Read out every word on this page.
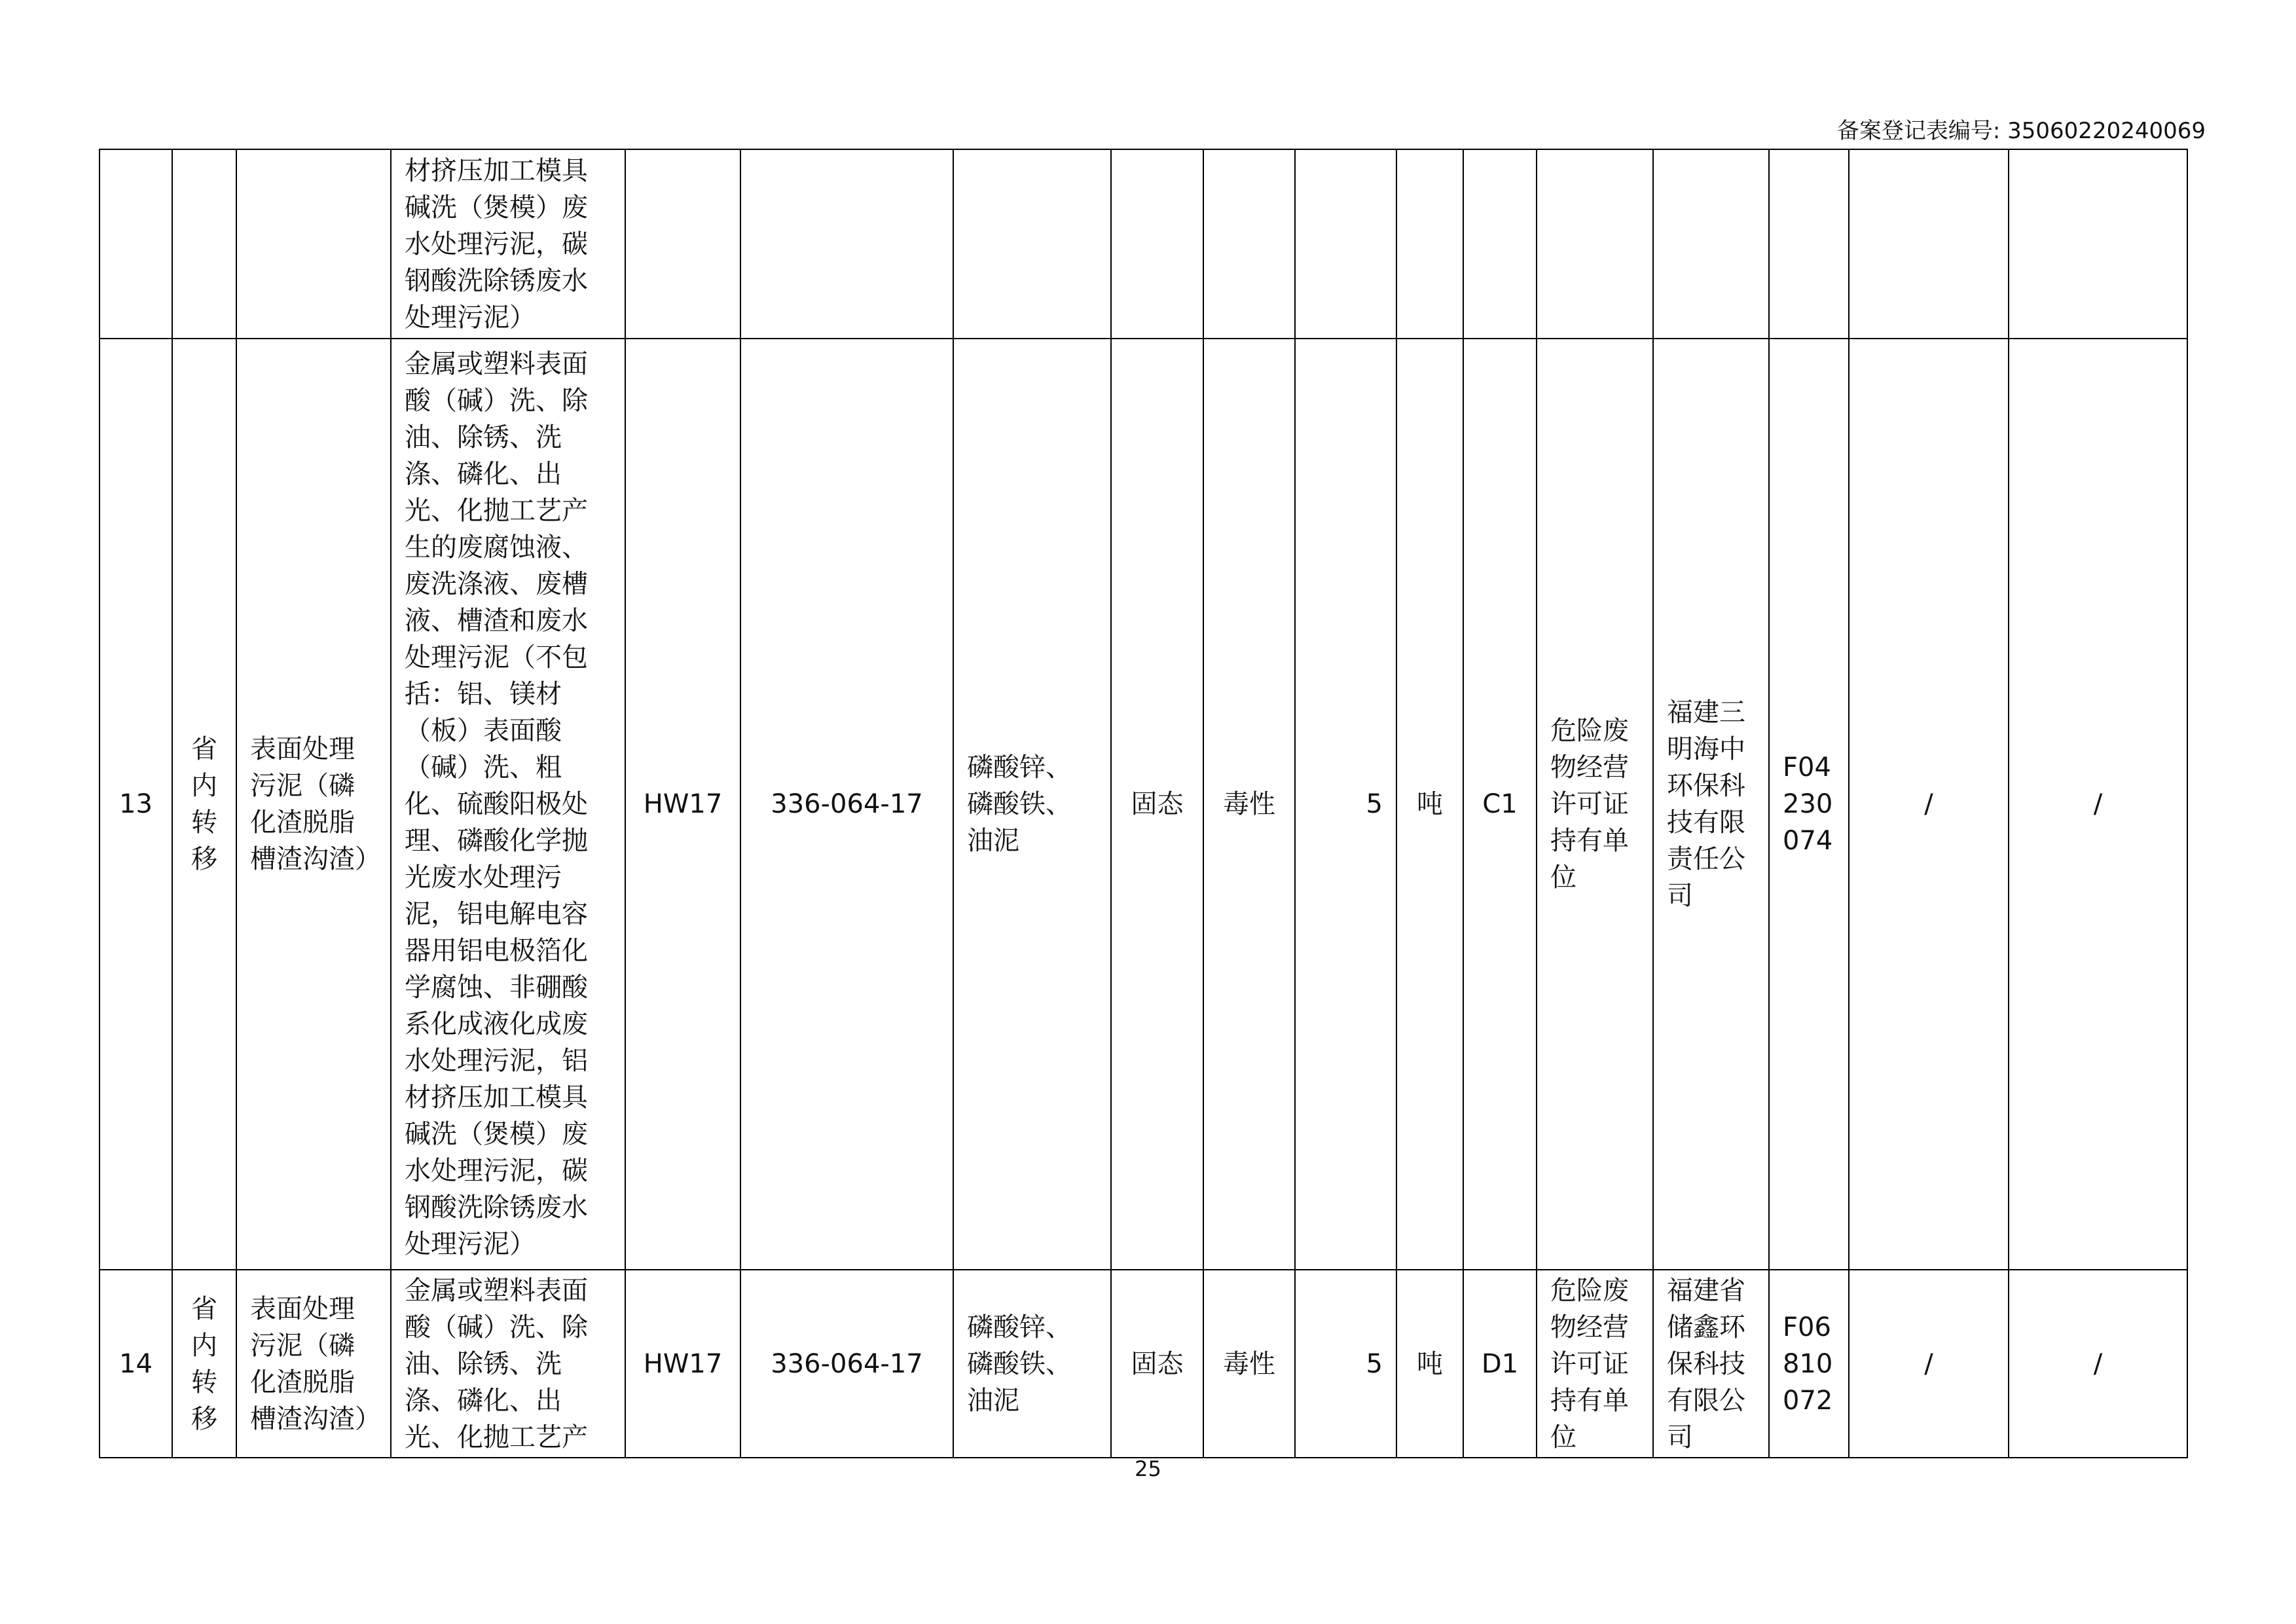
备案登记表编号: 35060220240069
			材挤压加工模具碱洗（煲模）废水处理污泥，碳钢酸洗除锈废水处理污泥）													
13	省内转移	表面处理污泥（磷化渣脱脂槽渣沟渣）	金属或塑料表面酸（碱）洗、除油、除锈、洗涤、磷化、出光、化抛工艺产生的废腐蚀液、废洗涤液、废槽液、槽渣和废水处理污泥（不包括：铝、镁材（板）表面酸（碱）洗、粗化、硫酸阳极处理、磷酸化学抛光废水处理污泥，铝电解电容器用铝电极箔化学腐蚀、非硼酸系化成液化成废水处理污泥，铝材挤压加工模具碱洗（煲模）废水处理污泥，碳钢酸洗除锈废水处理污泥）	HW17	336-064-17	磷酸锌、磷酸铁、油泥	固态	毒性	5	吨	C1	危险废物经营许可证持有单位	福建三明海中环保科技有限责任公司	F04230074	/	/
14	省内转移	表面处理污泥（磷化渣脱脂槽渣沟渣）	金属或塑料表面酸（碱）洗、除油、除锈、洗涤、磷化、出光、化抛工艺产	HW17	336-064-17	磷酸锌、磷酸铁、油泥	固态	毒性	5	吨	D1	危险废物经营许可证持有单位	福建省储鑫环保科技有限公司	F06810072	/	/
25
